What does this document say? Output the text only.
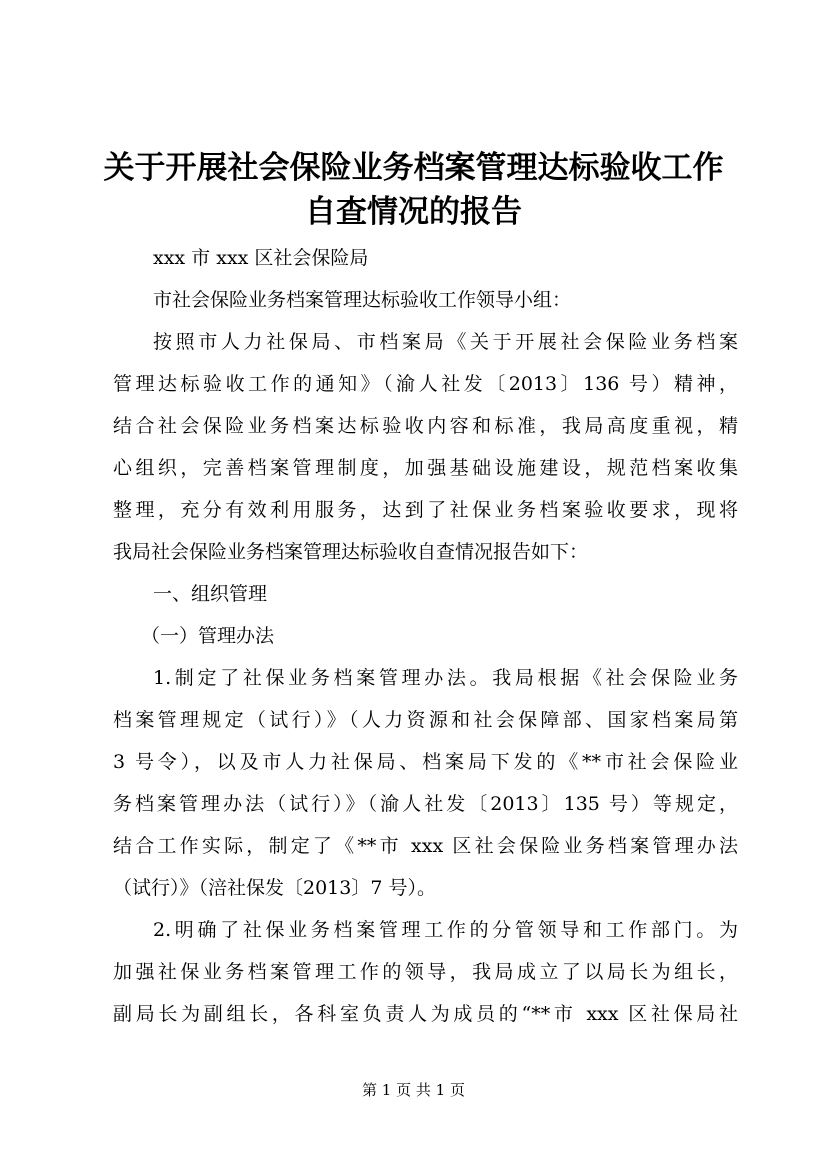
关于开展社会保险业务档案管理达标验收工作
自查情况的报告
xxx 市 xxx 区社会保险局
市社会保险业务档案管理达标验收工作领导小组：
按照市人力社保局、市档案局《关于开展社会保险业务档案
管理达标验收工作的通知》（渝人社发〔2013〕136 号）精神，
结合社会保险业务档案达标验收内容和标准，我局高度重视，精
心组织，完善档案管理制度，加强基础设施建设，规范档案收集
整理，充分有效利用服务，达到了社保业务档案验收要求，现将
我局社会保险业务档案管理达标验收自查情况报告如下：
一、组织管理
（一）管理办法
1.制定了社保业务档案管理办法。我局根据《社会保险业务
档案管理规定（试行）》（人力资源和社会保障部、国家档案局第
3 号令），以及市人力社保局、档案局下发的《**市社会保险业
务档案管理办法（试行）》（渝人社发〔2013〕135 号）等规定，
结合工作实际，制定了《**市 xxx 区社会保险业务档案管理办法
（试行）》（涪社保发〔2013〕7 号）。
2.明确了社保业务档案管理工作的分管领导和工作部门。为
加强社保业务档案管理工作的领导，我局成立了以局长为组长，
副局长为副组长，各科室负责人为成员的“**市 xxx 区社保局社
第 1 页 共 1 页
